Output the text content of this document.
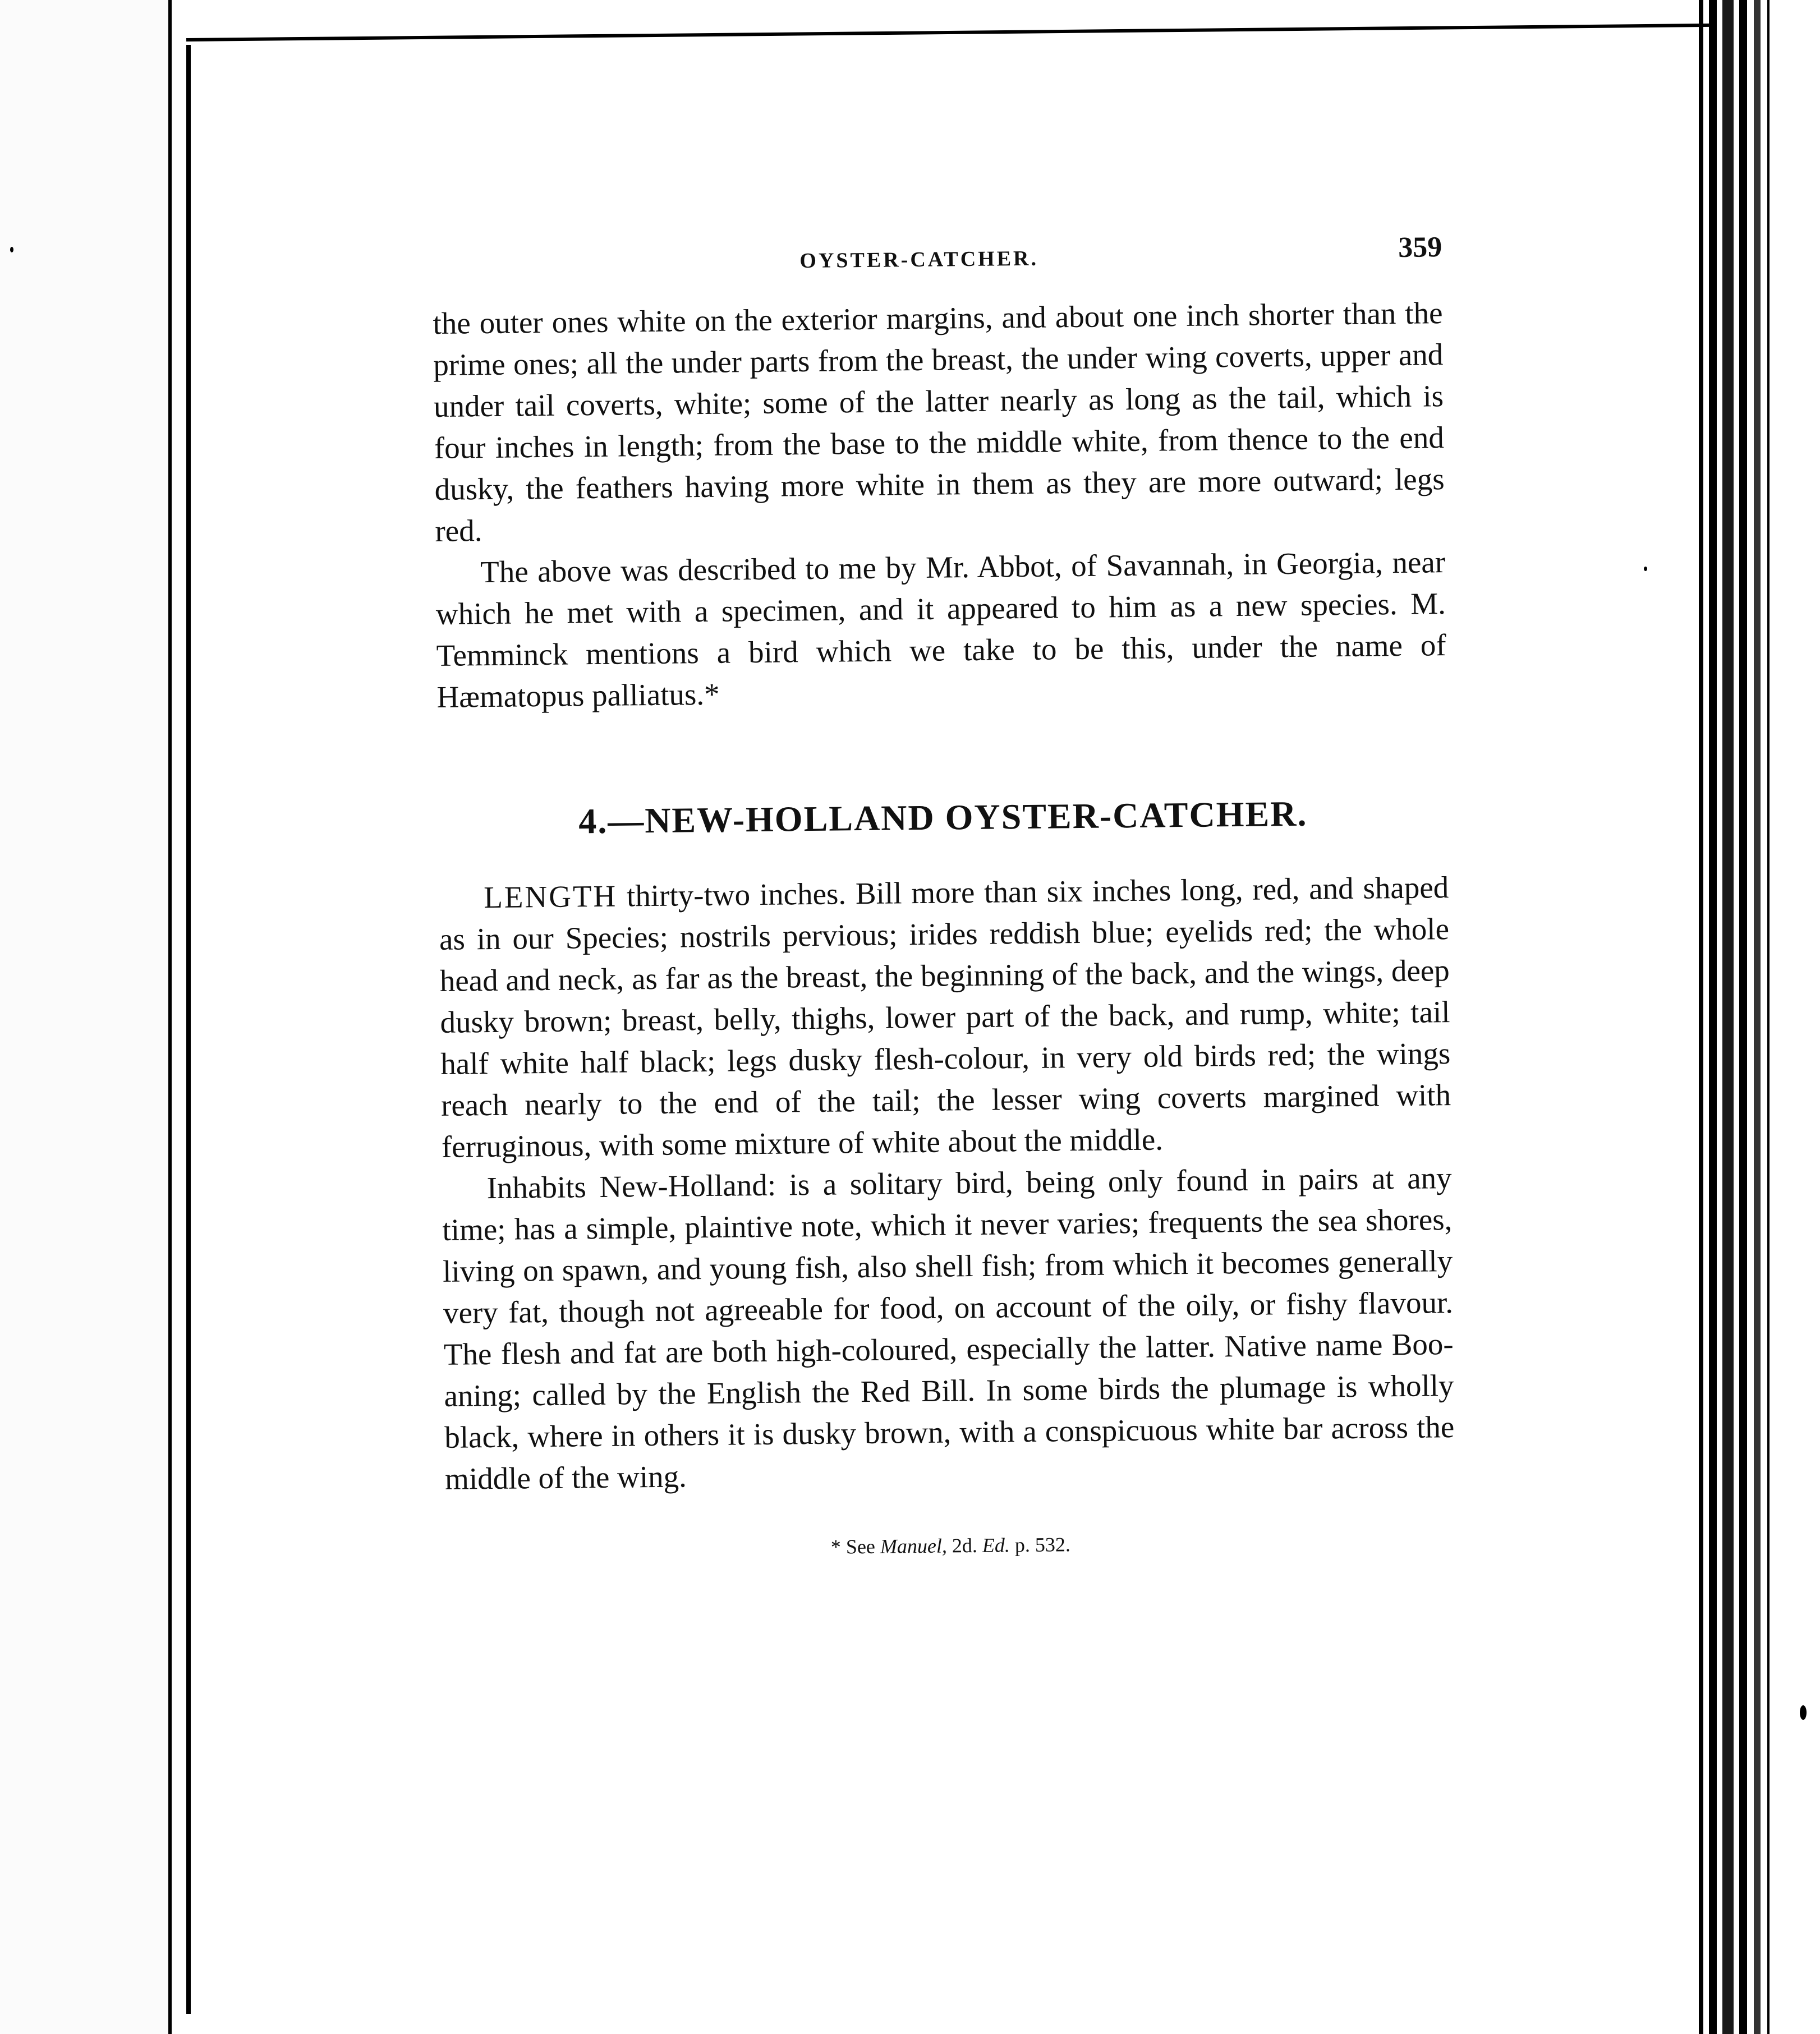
OYSTER-CATCHER.	359

the outer ones white on the exterior margins, and about one inch shorter than the prime ones; all the under parts from the breast, the under wing coverts, upper and under tail coverts, white; some of the latter nearly as long as the tail, which is four inches in length; from the base to the middle white, from thence to the end dusky, the feathers having more white in them as they are more outward; legs red.

The above was described to me by Mr. Abbot, of Savannah, in Georgia, near which he met with a specimen, and it appeared to him as a new species. M. Temminck mentions a bird which we take to be this, under the name of Hæmatopus palliatus.*

4.—NEW-HOLLAND OYSTER-CATCHER.

LENGTH thirty-two inches. Bill more than six inches long, red, and shaped as in our Species; nostrils pervious; irides reddish blue; eyelids red; the whole head and neck, as far as the breast, the beginning of the back, and the wings, deep dusky brown; breast, belly, thighs, lower part of the back, and rump, white; tail half white half black; legs dusky flesh-colour, in very old birds red; the wings reach nearly to the end of the tail; the lesser wing coverts margined with ferruginous, with some mixture of white about the middle.

Inhabits New-Holland: is a solitary bird, being only found in pairs at any time; has a simple, plaintive note, which it never varies; frequents the sea shores, living on spawn, and young fish, also shell fish; from which it becomes generally very fat, though not agreeable for food, on account of the oily, or fishy flavour. The flesh and fat are both high-coloured, especially the latter. Native name Boo-aning; called by the English the Red Bill. In some birds the plumage is wholly black, where in others it is dusky brown, with a conspicuous white bar across the middle of the wing.

* See Manuel, 2d. Ed. p. 532.
